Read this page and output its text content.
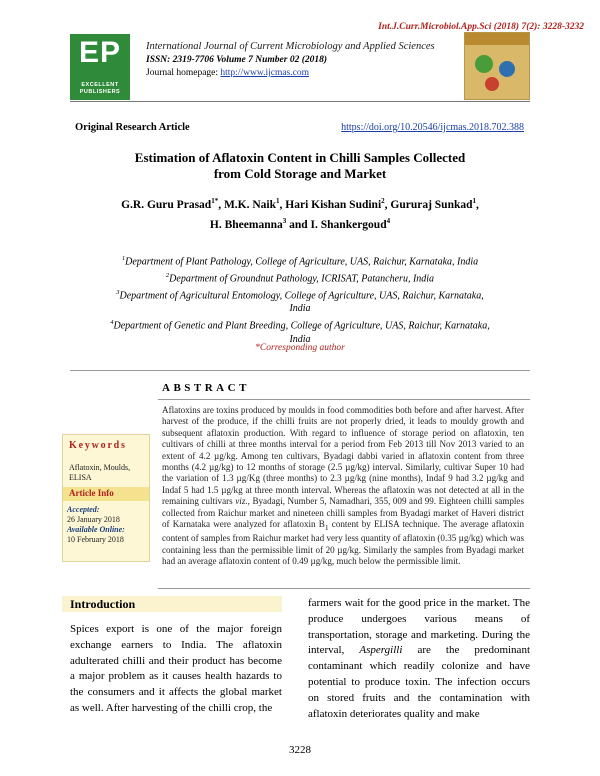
Int.J.Curr.Microbiol.App.Sci (2018) 7(2): 3228-3232
EP
EXCELLENT
PUBLISHERS

International Journal of Current Microbiology and Applied Sciences

ISSN: 2319-7706 Volume 7 Number 02 (2018)

Journal homepage: http://www.ijcmas.com

Original Research Article	https://doi.org/10.20546/ijcmas.2018.702.388
Estimation of Aflatoxin Content in Chilli Samples Collected
from Cold Storage and Market
G.R. Guru Prasad$^{1*}$, M.K. Naik$^1$, Hari Kishan Sudini$^2$, Gururaj Sunkad$^1$,
H. Bheemanna$^3$ and I. Shankergoud$^4$
$^1$Department of Plant Pathology, College of Agriculture, UAS, Raichur, Karnataka, India
$^2$Department of Groundnut Pathology, ICRISAT, Patancheru, India
$^3$Department of Agricultural Entomology, College of Agriculture, UAS, Raichur, Karnataka, India
$^4$Department of Genetic and Plant Breeding, College of Agriculture, UAS, Raichur, Karnataka, India
*Corresponding author
ABSTRACT
Aflatoxins are toxins produced by moulds in food commodities both before and after harvest. After harvest of the produce, if the chilli fruits are not properly dried, it leads to mouldy growth and subsequent aflatoxin production. With regard to influence of storage period on aflatoxin, ten cultivars of chilli at three months interval for a period from Feb 2013 till Nov 2013 varied to an extent of 4.2 µg/kg. Among ten cultivars, Byadagi dabbi varied in aflatoxin content from three months (4.2 µg/kg) to 12 months of storage (2.5 µg/kg) interval. Similarly, cultivar Super 10 had the variation of 1.3 µg/Kg (three months) to 2.3 µg/kg (nine months), Indaf 9 had 3.2 µg/kg and Indaf 5 had 1.5 µg/kg at three month interval. Whereas the aflatoxin was not detected at all in the remaining cultivars viz., Byadagi, Number 5, Namadhari, 355, 009 and 99. Eighteen chilli samples collected from Raichur market and nineteen chilli samples from Byadagi market of Haveri district of Karnataka were analyzed for aflatoxin $B_1$ content by ELISA technique. The average aflatoxin content of samples from Raichur market had very less quantity of aflatoxin (0.35 µg/kg) which was containing less than the permissible limit of 20 µg/kg. Similarly the samples from Byadagi market had an average aflatoxin content of 0.49 µg/kg, much below the permissible limit.
Keywords
Aflatoxin, Moulds, ELISA
Article Info
Accepted:
26 January 2018
Available Online:
10 February 2018
Introduction
Spices export is one of the major foreign exchange earners to India. The aflatoxin adulterated chilli and their product has become a major problem as it causes health hazards to the consumers and it affects the global market as well. After harvesting of the chilli crop, the
farmers wait for the good price in the market. The produce undergoes various means of transportation, storage and marketing. During the interval, Aspergilli are the predominant contaminant which readily colonize and have potential to produce toxin. The infection occurs on stored fruits and the contamination with aflatoxin deteriorates quality and make
3228
